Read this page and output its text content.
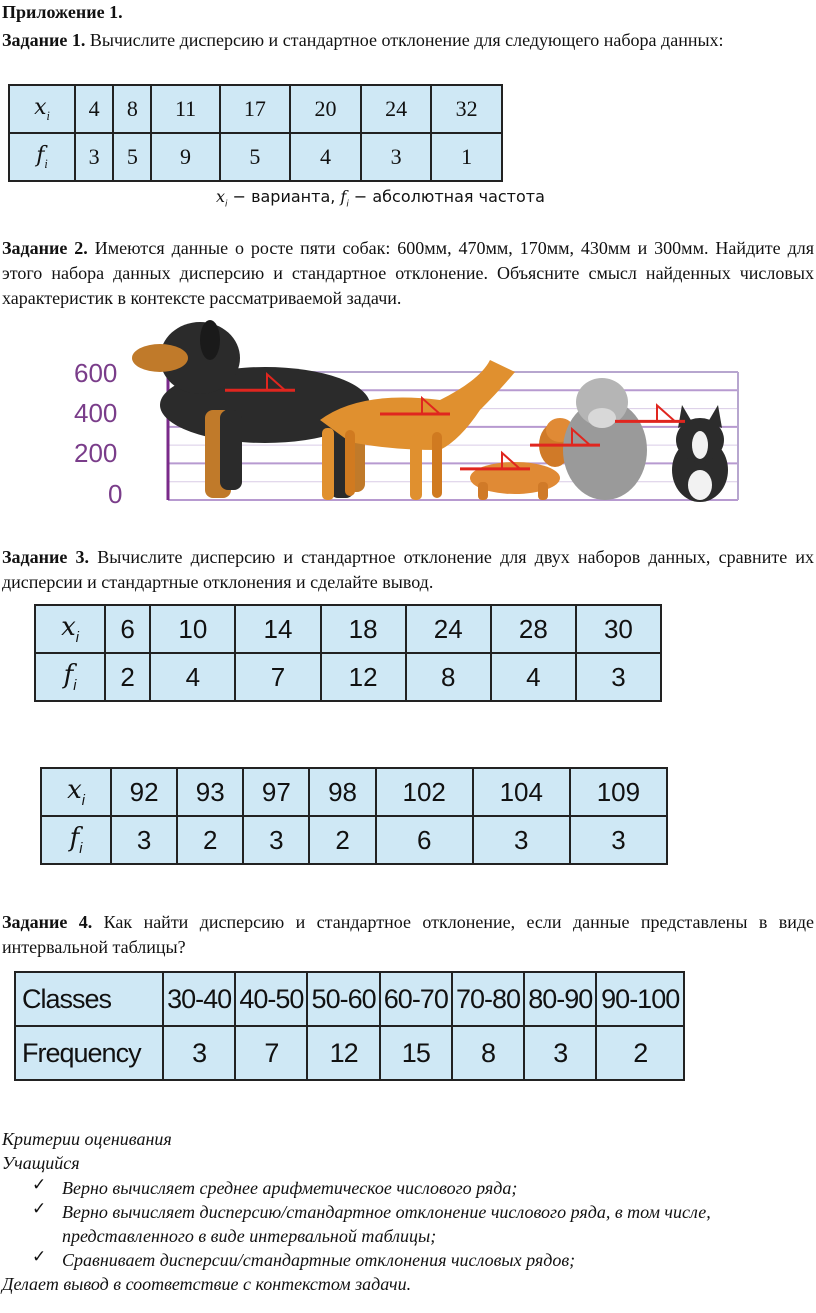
Приложение 1.
Задание 1. Вычислите дисперсию и стандартное отклонение для следующего набора данных:
$x_i$	4	8	11	17	20	24	32
$f_i$	3	5	9	5	4	3	1
$x_i$ − варианта, $f_i$ − абсолютная частота
Задание 2. Имеются данные о росте пяти собак: 600мм, 470мм, 170мм, 430мм и 300мм. Найдите для этого набора данных дисперсию и стандартное отклонение. Объясните смысл найденных числовых характеристик в контексте рассматриваемой задачи.
600
400
200
0
Задание 3. Вычислите дисперсию и стандартное отклонение для двух наборов данных, сравните их дисперсии и стандартные отклонения и сделайте вывод.
$x_i$	6	10	14	18	24	28	30
$f_i$	2	4	7	12	8	4	3
$x_i$	92	93	97	98	102	104	109
$f_i$	3	2	3	2	6	3	3
Задание 4. Как найти дисперсию и стандартное отклонение, если данные представлены в виде интервальной таблицы?
Classes	30-40	40-50	50-60	60-70	70-80	80-90	90-100
Frequency	3	7	12	15	8	3	2
Критерии оценивания
Учащийся
✓ Верно вычисляет среднее арифметическое числового ряда;
✓ Верно вычисляет дисперсию/стандартное отклонение числового ряда, в том числе, представленного в виде интервальной таблицы;
✓ Сравнивает дисперсии/стандартные отклонения числовых рядов;
Делает вывод в соответствие с контекстом задачи.
